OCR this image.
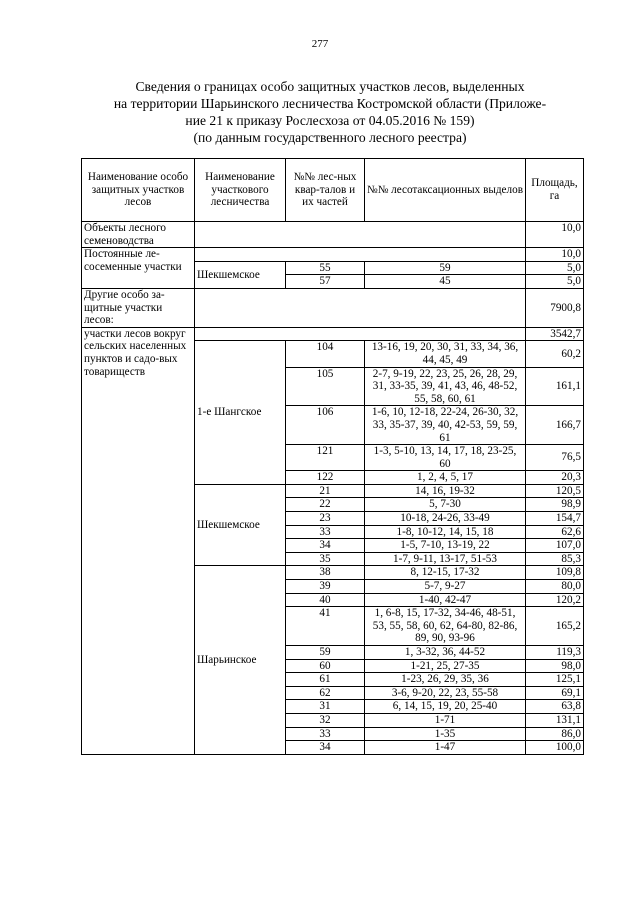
277
Сведения о границах особо защитных участков лесов, выделенных
на территории Шарьинского лесничества Костромской области (Приложе-
ние 21 к приказу Рослесхоза от 04.05.2016 № 159)
(по данным государственного лесного реестра)
Наименование особо защитных участков лесов	Наименование участкового лесничества	№№ лес-ных квар-талов и их частей	№№ лесотаксационных выделов	Площадь, га
Объекты лесного семеноводства				10,0
Постоянные ле-сосеменные участки				10,0
	Шекшемское	55	59	5,0
		57	45	5,0
Другие особо за-щитные участки лесов:				7900,8
участки лесов вокруг сельских населенных пунктов и садо-вых товариществ				3542,7
	1-е Шангское	104	13-16, 19, 20, 30, 31, 33, 34, 36, 44, 45, 49	60,2
		105	2-7, 9-19, 22, 23, 25, 26, 28, 29, 31, 33-35, 39, 41, 43, 46, 48-52, 55, 58, 60, 61	161,1
		106	1-6, 10, 12-18, 22-24, 26-30, 32, 33, 35-37, 39, 40, 42-53, 59, 59, 61	166,7
		121	1-3, 5-10, 13, 14, 17, 18, 23-25, 60	76,5
		122	1, 2, 4, 5, 17	20,3
	Шекшемское	21	14, 16, 19-32	120,5
		22	5, 7-30	98,9
		23	10-18, 24-26, 33-49	154,7
		33	1-8, 10-12, 14, 15, 18	62,6
		34	1-5, 7-10, 13-19, 22	107,0
		35	1-7, 9-11, 13-17, 51-53	85,3
	Шарьинское	38	8, 12-15, 17-32	109,8
		39	5-7, 9-27	80,0
		40	1-40, 42-47	120,2
		41	1, 6-8, 15, 17-32, 34-46, 48-51, 53, 55, 58, 60, 62, 64-80, 82-86, 89, 90, 93-96	165,2
		59	1, 3-32, 36, 44-52	119,3
		60	1-21, 25, 27-35	98,0
		61	1-23, 26, 29, 35, 36	125,1
		62	3-6, 9-20, 22, 23, 55-58	69,1
		31	6, 14, 15, 19, 20, 25-40	63,8
		32	1-71	131,1
		33	1-35	86,0
		34	1-47	100,0
